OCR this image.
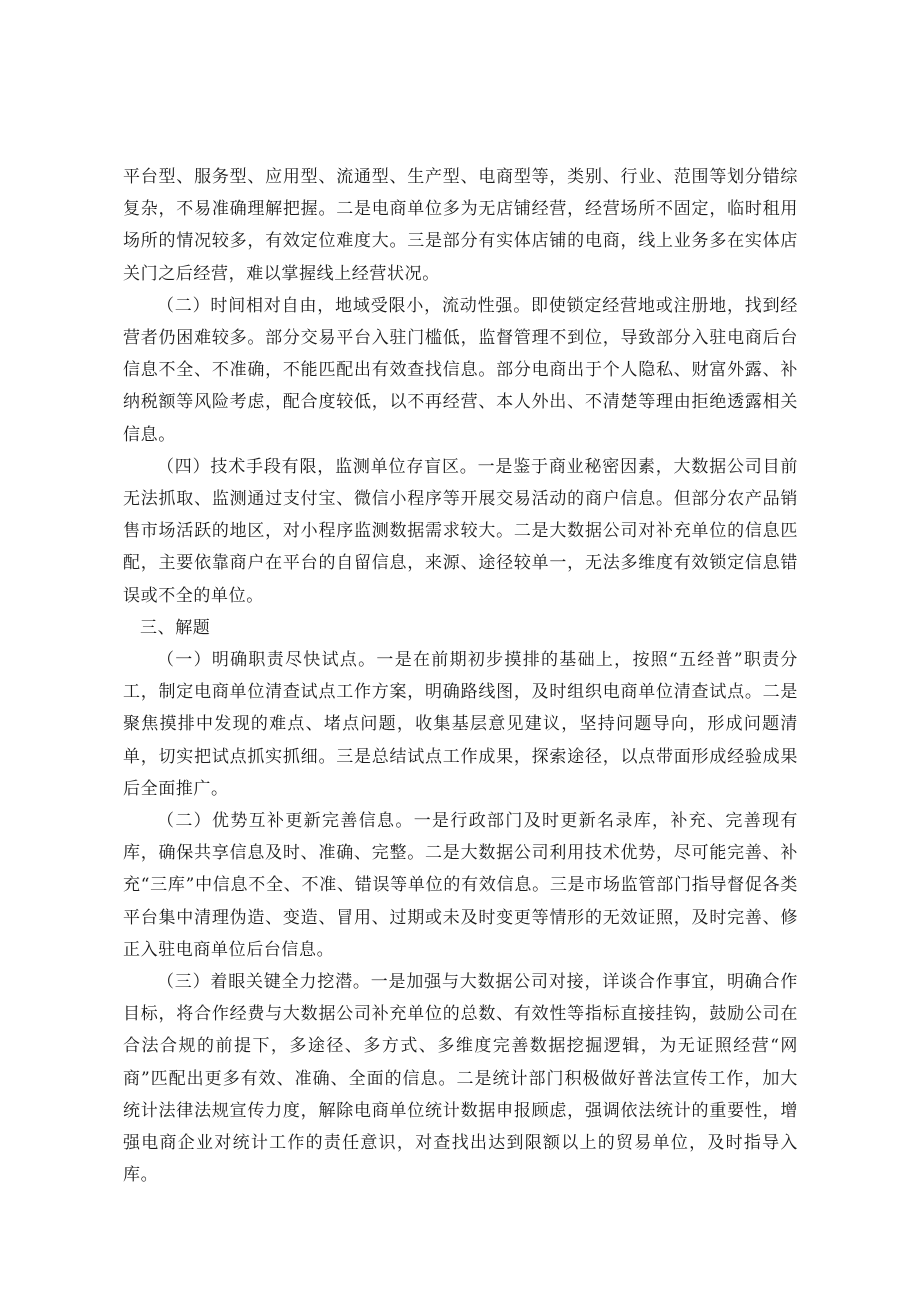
平台型、服务型、应用型、流通型、生产型、电商型等，类别、行业、范围等划分错综复杂，不易准确理解把握。二是电商单位多为无店铺经营，经营场所不固定，临时租用场所的情况较多，有效定位难度大。三是部分有实体店铺的电商，线上业务多在实体店关门之后经营，难以掌握线上经营状况。

（二）时间相对自由，地域受限小，流动性强。即使锁定经营地或注册地，找到经营者仍困难较多。部分交易平台入驻门槛低，监督管理不到位，导致部分入驻电商后台信息不全、不准确，不能匹配出有效查找信息。部分电商出于个人隐私、财富外露、补纳税额等风险考虑，配合度较低，以不再经营、本人外出、不清楚等理由拒绝透露相关信息。

（四）技术手段有限，监测单位存盲区。一是鉴于商业秘密因素，大数据公司目前无法抓取、监测通过支付宝、微信小程序等开展交易活动的商户信息。但部分农产品销售市场活跃的地区，对小程序监测数据需求较大。二是大数据公司对补充单位的信息匹配，主要依靠商户在平台的自留信息，来源、途径较单一，无法多维度有效锁定信息错误或不全的单位。

三、解题

（一）明确职责尽快试点。一是在前期初步摸排的基础上，按照“五经普”职责分工，制定电商单位清查试点工作方案，明确路线图，及时组织电商单位清查试点。二是聚焦摸排中发现的难点、堵点问题，收集基层意见建议，坚持问题导向，形成问题清单，切实把试点抓实抓细。三是总结试点工作成果，探索途径，以点带面形成经验成果后全面推广。

（二）优势互补更新完善信息。一是行政部门及时更新名录库，补充、完善现有库，确保共享信息及时、准确、完整。二是大数据公司利用技术优势，尽可能完善、补充“三库”中信息不全、不准、错误等单位的有效信息。三是市场监管部门指导督促各类平台集中清理伪造、变造、冒用、过期或未及时变更等情形的无效证照，及时完善、修正入驻电商单位后台信息。

（三）着眼关键全力挖潜。一是加强与大数据公司对接，详谈合作事宜，明确合作目标，将合作经费与大数据公司补充单位的总数、有效性等指标直接挂钩，鼓励公司在合法合规的前提下，多途径、多方式、多维度完善数据挖掘逻辑，为无证照经营“网商”匹配出更多有效、准确、全面的信息。二是统计部门积极做好普法宣传工作，加大统计法律法规宣传力度，解除电商单位统计数据申报顾虑，强调依法统计的重要性，增强电商企业对统计工作的责任意识，对查找出达到限额以上的贸易单位，及时指导入库。
